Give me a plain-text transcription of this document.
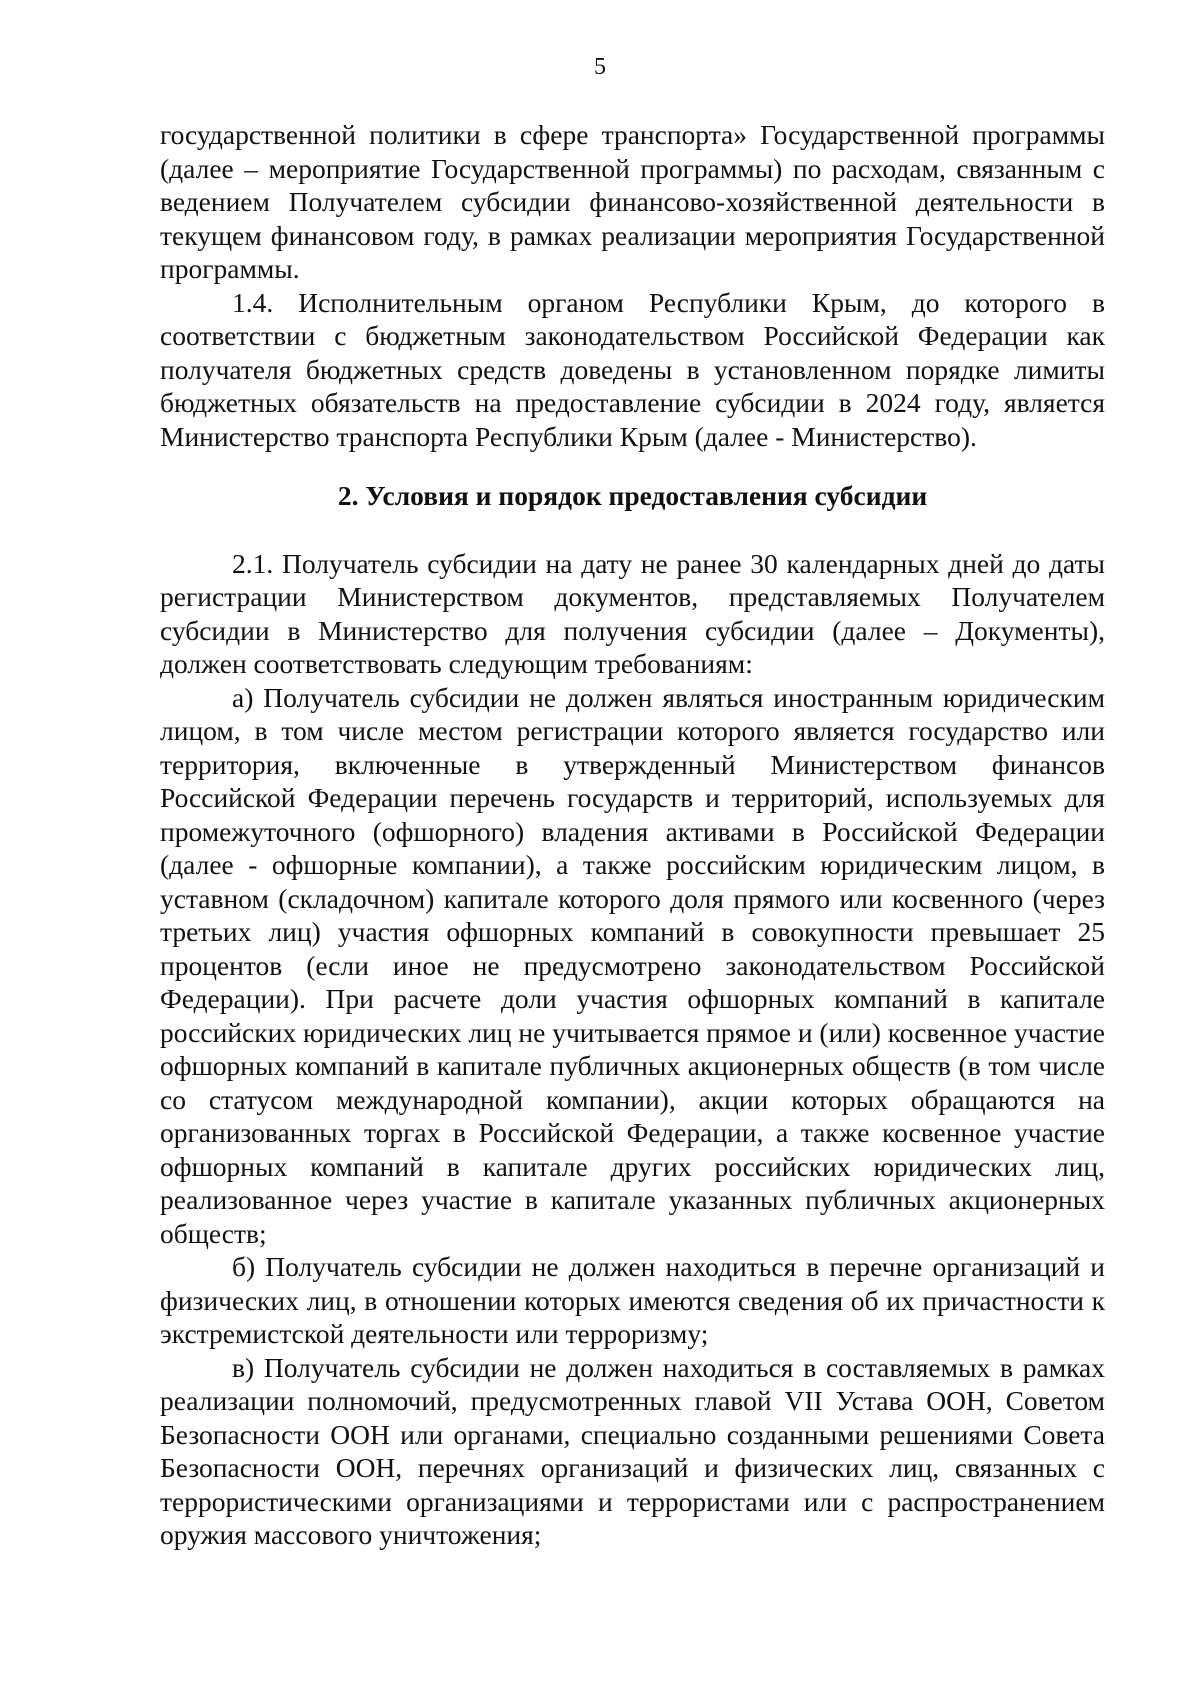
5

государственной политики в сфере транспорта» Государственной программы (далее – мероприятие Государственной программы) по расходам, связанным с ведением Получателем субсидии финансово-хозяйственной деятельности в текущем финансовом году, в рамках реализации мероприятия Государственной программы.

1.4. Исполнительным органом Республики Крым, до которого в соответствии с бюджетным законодательством Российской Федерации как получателя бюджетных средств доведены в установленном порядке лимиты бюджетных обязательств на предоставление субсидии в 2024 году, является Министерство транспорта Республики Крым (далее - Министерство).

2. Условия и порядок предоставления субсидии

2.1. Получатель субсидии на дату не ранее 30 календарных дней до даты регистрации Министерством документов, представляемых Получателем субсидии в Министерство для получения субсидии (далее – Документы), должен соответствовать следующим требованиям:

а) Получатель субсидии не должен являться иностранным юридическим лицом, в том числе местом регистрации которого является государство или территория, включенные в утвержденный Министерством финансов Российской Федерации перечень государств и территорий, используемых для промежуточного (офшорного) владения активами в Российской Федерации (далее - офшорные компании), а также российским юридическим лицом, в уставном (складочном) капитале которого доля прямого или косвенного (через третьих лиц) участия офшорных компаний в совокупности превышает 25 процентов (если иное не предусмотрено законодательством Российской Федерации). При расчете доли участия офшорных компаний в капитале российских юридических лиц не учитывается прямое и (или) косвенное участие офшорных компаний в капитале публичных акционерных обществ (в том числе со статусом международной компании), акции которых обращаются на организованных торгах в Российской Федерации, а также косвенное участие офшорных компаний в капитале других российских юридических лиц, реализованное через участие в капитале указанных публичных акционерных обществ;

б) Получатель субсидии не должен находиться в перечне организаций и физических лиц, в отношении которых имеются сведения об их причастности к экстремистской деятельности или терроризму;

в) Получатель субсидии не должен находиться в составляемых в рамках реализации полномочий, предусмотренных главой VII Устава ООН, Советом Безопасности ООН или органами, специально созданными решениями Совета Безопасности ООН, перечнях организаций и физических лиц, связанных с террористическими организациями и террористами или с распространением оружия массового уничтожения;
